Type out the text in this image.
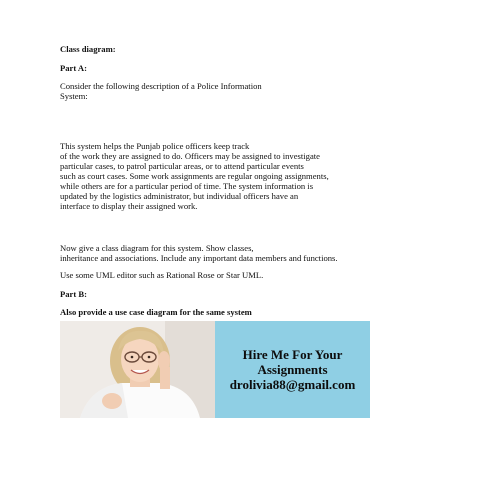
Class diagram:
Part A:
Consider the following description of a Police Information
System:
This system helps the Punjab police officers keep track
of the work they are assigned to do. Officers may be assigned to investigate
particular cases, to patrol particular areas, or to attend particular events
such as court cases. Some work assignments are regular ongoing assignments,
while others are for a particular period of time. The system information is
updated by the logistics administrator, but individual officers have an
interface to display their assigned work.
Now give a class diagram for this system. Show classes,
inheritance and associations. Include any important data members and functions.
Use some UML editor such as Rational Rose or Star UML.
Part B:
Also provide a use case diagram for the same system
Hire Me For Your
Assignments
drolivia88@gmail.com
